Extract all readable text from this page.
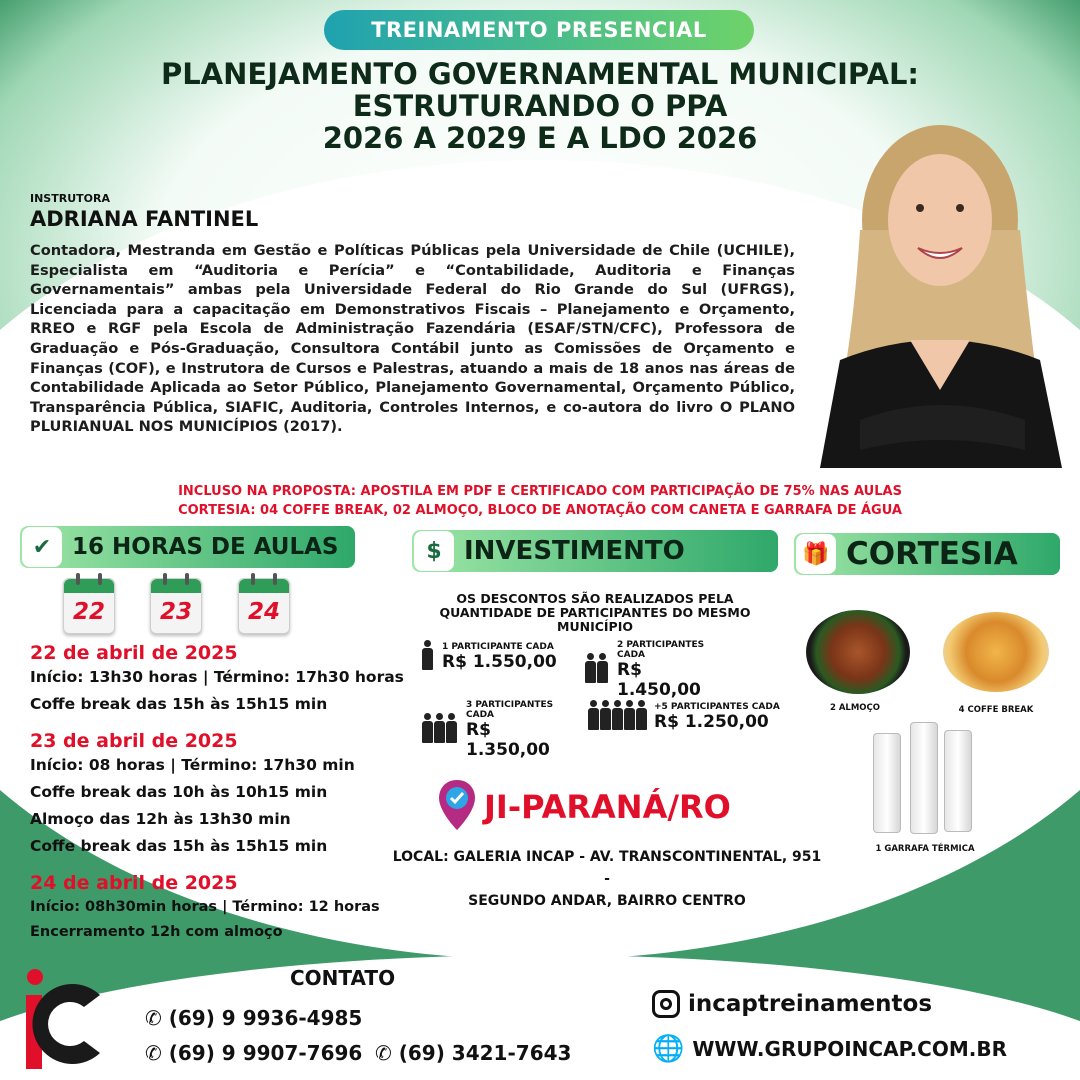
TREINAMENTO PRESENCIAL
PLANEJAMENTO GOVERNAMENTAL MUNICIPAL: ESTRUTURANDO O PPA
2026 A 2029 E A LDO 2026
INSTRUTORA
ADRIANA FANTINEL
Contadora, Mestranda em Gestão e Políticas Públicas pela Universidade de Chile (UCHILE), Especialista em “Auditoria e Perícia” e “Contabilidade, Auditoria e Finanças Governamentais” ambas pela Universidade Federal do Rio Grande do Sul (UFRGS), Licenciada para a capacitação em Demonstrativos Fiscais – Planejamento e Orçamento, RREO e RGF pela Escola de Administração Fazendária (ESAF/STN/CFC), Professora de Graduação e Pós-Graduação, Consultora Contábil junto as Comissões de Orçamento e Finanças (COF), e Instrutora de Cursos e Palestras, atuando a mais de 18 anos nas áreas de Contabilidade Aplicada ao Setor Público, Planejamento Governamental, Orçamento Público, Transparência Pública, SIAFIC, Auditoria, Controles Internos, e co-autora do livro O PLANO PLURIANUAL NOS MUNICÍPIOS (2017).
INCLUSO NA PROPOSTA: APOSTILA EM PDF E CERTIFICADO COM PARTICIPAÇÃO DE 75% NAS AULAS
CORTESIA: 04 COFFE BREAK, 02 ALMOÇO, BLOCO DE ANOTAÇÃO COM CANETA E GARRAFA DE ÁGUA
✔ 16 HORAS DE AULAS
22	23	24
22 de abril de 2025
Início: 13h30 horas | Término: 17h30 horas
Coffe break das 15h às 15h15 min
23 de abril de 2025
Início: 08 horas | Término: 17h30 min
Coffe break das 10h às 10h15 min
Almoço das 12h às 13h30 min
Coffe break das 15h às 15h15 min
24 de abril de 2025
Início: 08h30min horas | Término: 12 horas
Encerramento 12h com almoço
$ INVESTIMENTO
OS DESCONTOS SÃO REALIZADOS PELA QUANTIDADE DE PARTICIPANTES DO MESMO MUNICÍPIO
1 PARTICIPANTE CADA
R$ 1.550,00
2 PARTICIPANTES CADA
R$ 1.450,00
3 PARTICIPANTES CADA
R$ 1.350,00
+5 PARTICIPANTES CADA
R$ 1.250,00
JI-PARANÁ/RO
LOCAL: GALERIA INCAP - AV. TRANSCONTINENTAL, 951 -
SEGUNDO ANDAR, BAIRRO CENTRO
🎁 CORTESIA
2 ALMOÇO	4 COFFE BREAK
1 GARRAFA TÉRMICA
CONTATO
✆ (69) 9 9936-4985
✆ (69) 9 9907-7696 ✆ (69) 3421-7643
incaptreinamentos
🌐 WWW.GRUPOINCAP.COM.BR
